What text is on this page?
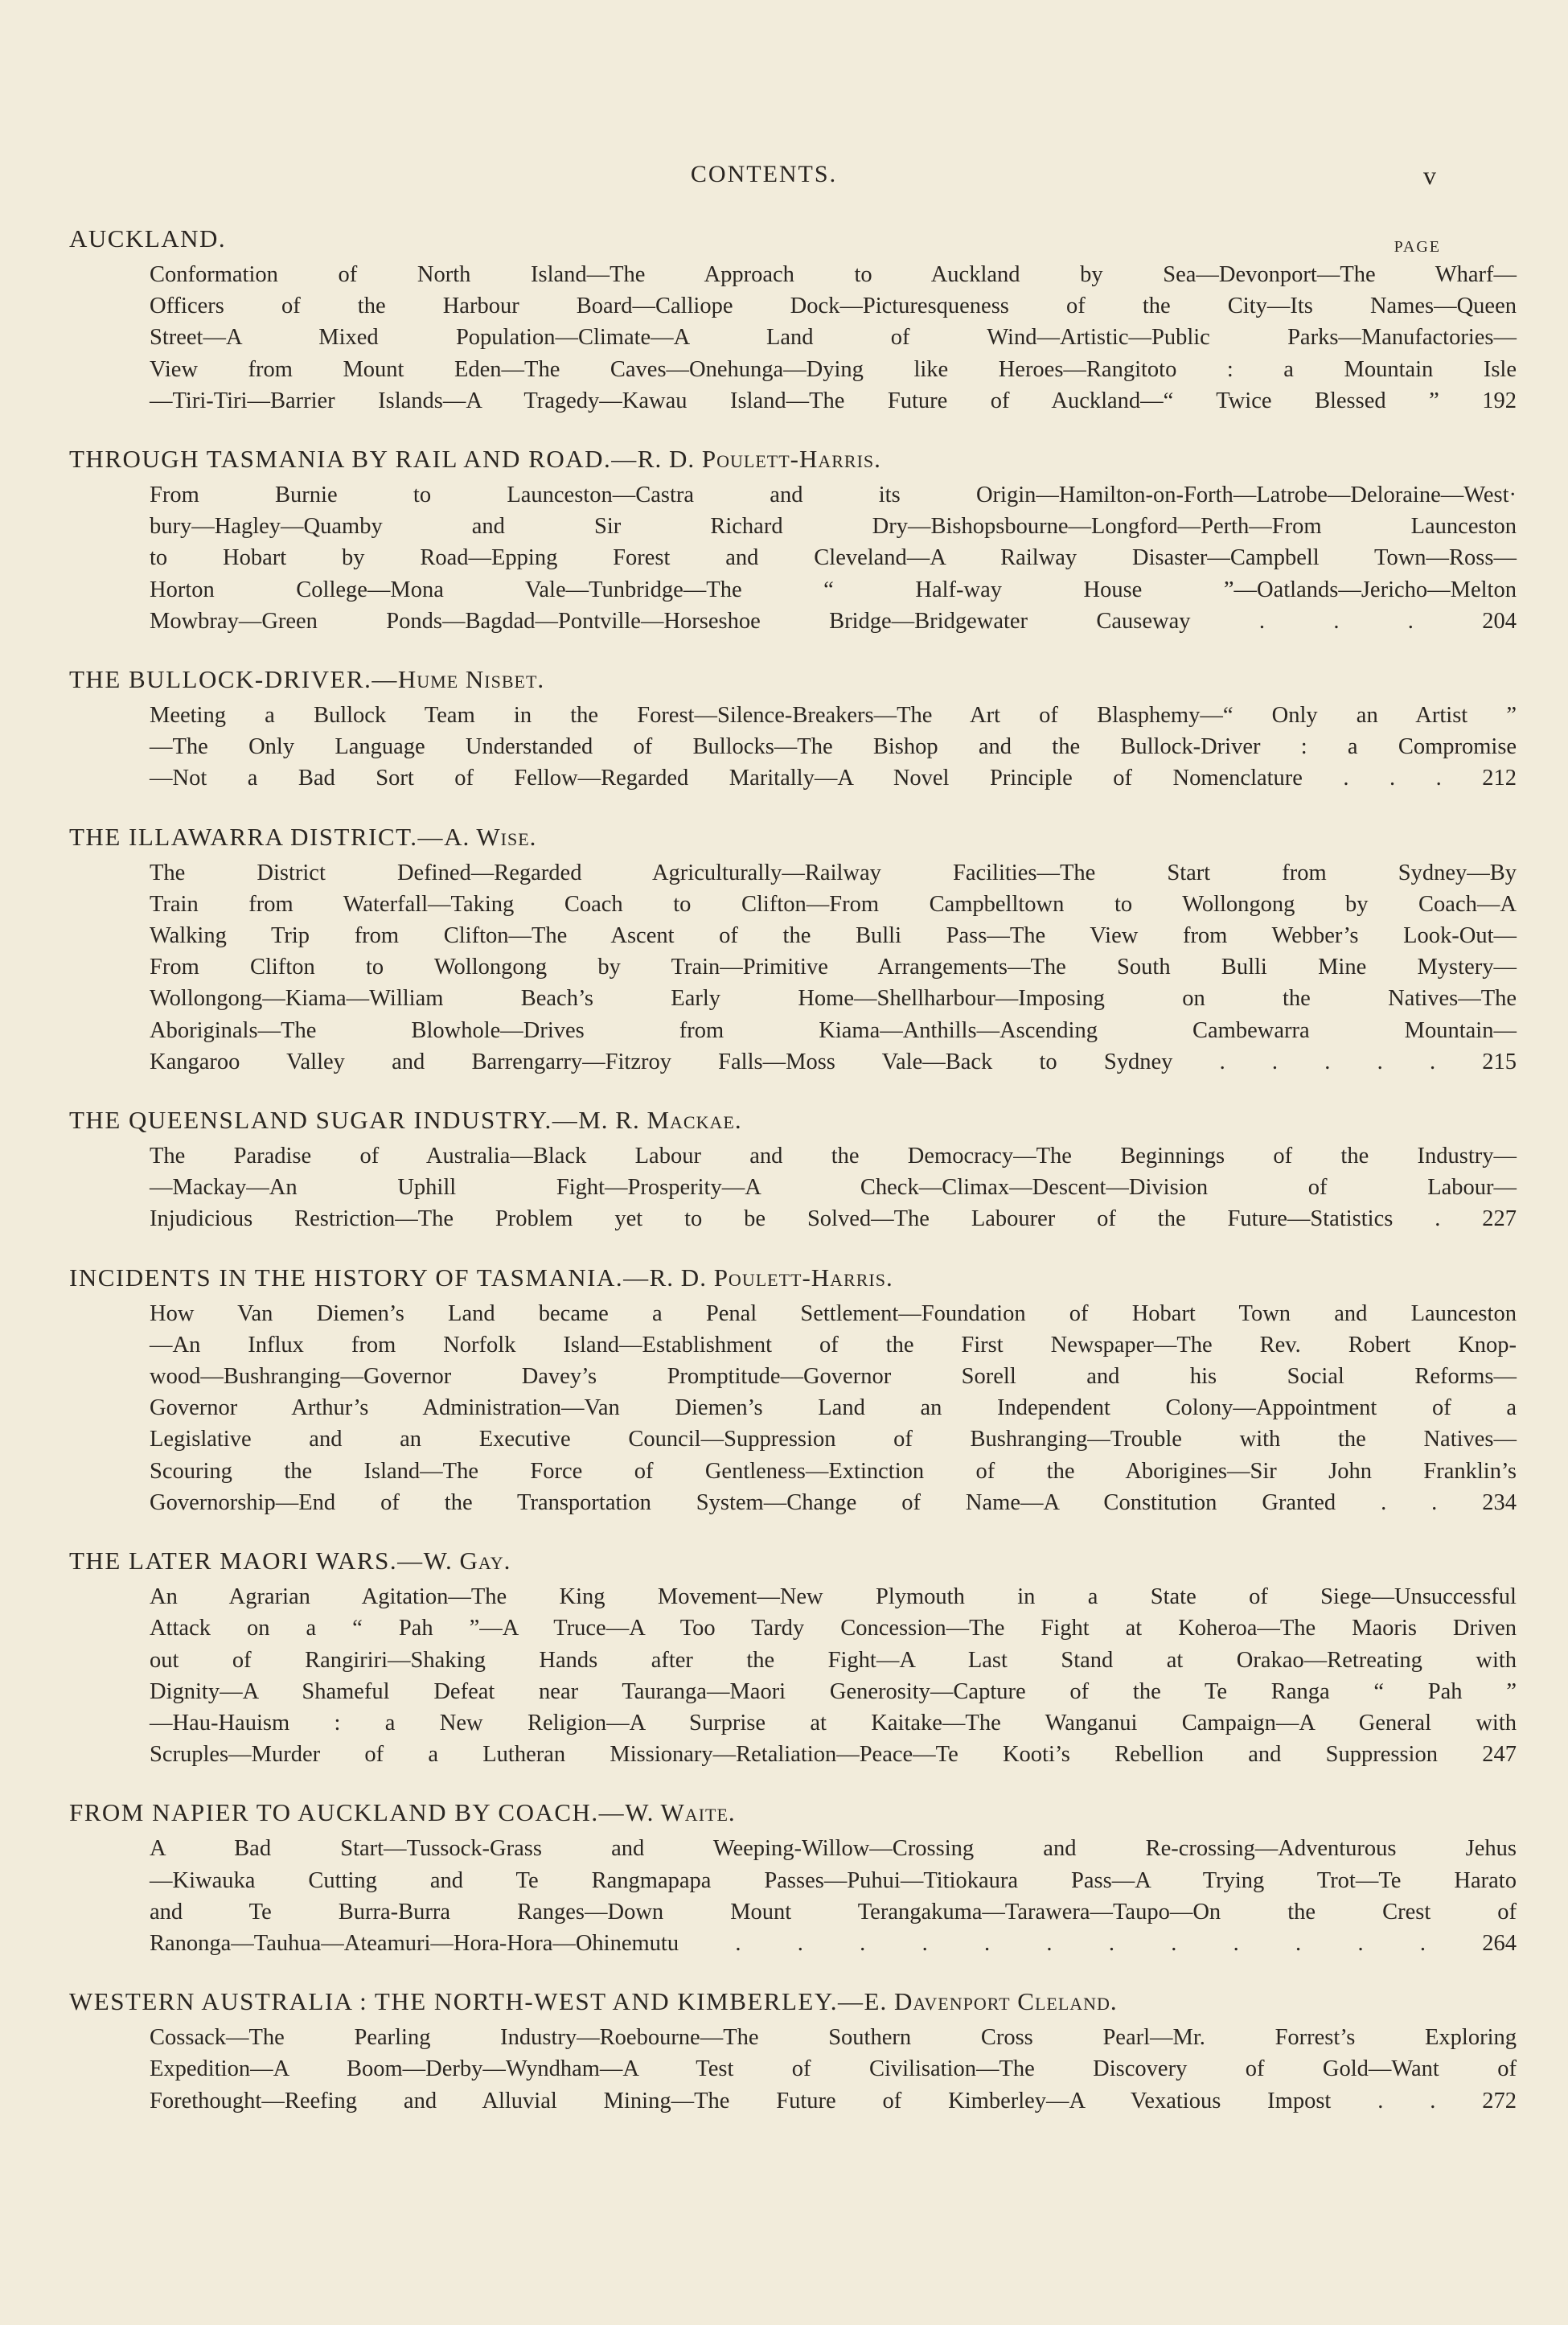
CONTENTS.	v
AUCKLAND.	PAGE
Conformation of North Island—The Approach to Auckland by Sea—Devonport—The Wharf—
Officers of the Harbour Board—Calliope Dock—Picturesqueness of the City—Its Names—Queen
Street—A Mixed Population—Climate—A Land of Wind—Artistic—Public Parks—Manufactories—
View from Mount Eden—The Caves—Onehunga—Dying like Heroes—Rangitoto : a Mountain Isle
—Tiri-Tiri—Barrier Islands—A Tragedy—Kawau Island—The Future of Auckland—“ Twice Blessed ” 192
THROUGH TASMANIA BY RAIL AND ROAD.—R. D. Poulett-Harris.
From Burnie to Launceston—Castra and its Origin—Hamilton-on-Forth—Latrobe—Deloraine—West·
bury—Hagley—Quamby and Sir Richard Dry—Bishopsbourne—Longford—Perth—From Launceston
to Hobart by Road—Epping Forest and Cleveland—A Railway Disaster—Campbell Town—Ross—
Horton College—Mona Vale—Tunbridge—The “ Half-way House ”—Oatlands—Jericho—Melton
Mowbray—Green Ponds—Bagdad—Pontville—Horseshoe Bridge—Bridgewater Causeway . . . 204
THE BULLOCK-DRIVER.—Hume Nisbet.
Meeting a Bullock Team in the Forest—Silence-Breakers—The Art of Blasphemy—“ Only an Artist ”
—The Only Language Understanded of Bullocks—The Bishop and the Bullock-Driver : a Compromise
—Not a Bad Sort of Fellow—Regarded Maritally—A Novel Principle of Nomenclature . . . 212
THE ILLAWARRA DISTRICT.—A. Wise.
The District Defined—Regarded Agriculturally—Railway Facilities—The Start from Sydney—By
Train from Waterfall—Taking Coach to Clifton—From Campbelltown to Wollongong by Coach—A
Walking Trip from Clifton—The Ascent of the Bulli Pass—The View from Webber’s Look-Out—
From Clifton to Wollongong by Train—Primitive Arrangements—The South Bulli Mine Mystery—
Wollongong—Kiama—William Beach’s Early Home—Shellharbour—Imposing on the Natives—The
Aboriginals—The Blowhole—Drives from Kiama—Anthills—Ascending Cambewarra Mountain—
Kangaroo Valley and Barrengarry—Fitzroy Falls—Moss Vale—Back to Sydney . . . . . 215
THE QUEENSLAND SUGAR INDUSTRY.—M. R. Mackae.
The Paradise of Australia—Black Labour and the Democracy—The Beginnings of the Industry—
—Mackay—An Uphill Fight—Prosperity—A Check—Climax—Descent—Division of Labour—
Injudicious Restriction—The Problem yet to be Solved—The Labourer of the Future—Statistics . 227
INCIDENTS IN THE HISTORY OF TASMANIA.—R. D. Poulett-Harris.
How Van Diemen’s Land became a Penal Settlement—Foundation of Hobart Town and Launceston
—An Influx from Norfolk Island—Establishment of the First Newspaper—The Rev. Robert Knop-
wood—Bushranging—Governor Davey’s Promptitude—Governor Sorell and his Social Reforms—
Governor Arthur’s Administration—Van Diemen’s Land an Independent Colony—Appointment of a
Legislative and an Executive Council—Suppression of Bushranging—Trouble with the Natives—
Scouring the Island—The Force of Gentleness—Extinction of the Aborigines—Sir John Franklin’s
Governorship—End of the Transportation System—Change of Name—A Constitution Granted . . 234
THE LATER MAORI WARS.—W. Gay.
An Agrarian Agitation—The King Movement—New Plymouth in a State of Siege—Unsuccessful
Attack on a “ Pah ”—A Truce—A Too Tardy Concession—The Fight at Koheroa—The Maoris Driven
out of Rangiriri—Shaking Hands after the Fight—A Last Stand at Orakao—Retreating with
Dignity—A Shameful Defeat near Tauranga—Maori Generosity—Capture of the Te Ranga “ Pah ”
—Hau-Hauism : a New Religion—A Surprise at Kaitake—The Wanganui Campaign—A General with
Scruples—Murder of a Lutheran Missionary—Retaliation—Peace—Te Kooti’s Rebellion and Suppression 247
FROM NAPIER TO AUCKLAND BY COACH.—W. Waite.
A Bad Start—Tussock-Grass and Weeping-Willow—Crossing and Re-crossing—Adventurous Jehus
—Kiwauka Cutting and Te Rangmapapa Passes—Puhui—Titiokaura Pass—A Trying Trot—Te Harato
and Te Burra-Burra Ranges—Down Mount Terangakuma—Tarawera—Taupo—On the Crest of
Ranonga—Tauhua—Ateamuri—Hora-Hora—Ohinemutu . . . . . . . . . . . . 264
WESTERN AUSTRALIA : THE NORTH-WEST AND KIMBERLEY.—E. Davenport Cleland.
Cossack—The Pearling Industry—Roebourne—The Southern Cross Pearl—Mr. Forrest’s Exploring
Expedition—A Boom—Derby—Wyndham—A Test of Civilisation—The Discovery of Gold—Want of
Forethought—Reefing and Alluvial Mining—The Future of Kimberley—A Vexatious Impost . . 272
